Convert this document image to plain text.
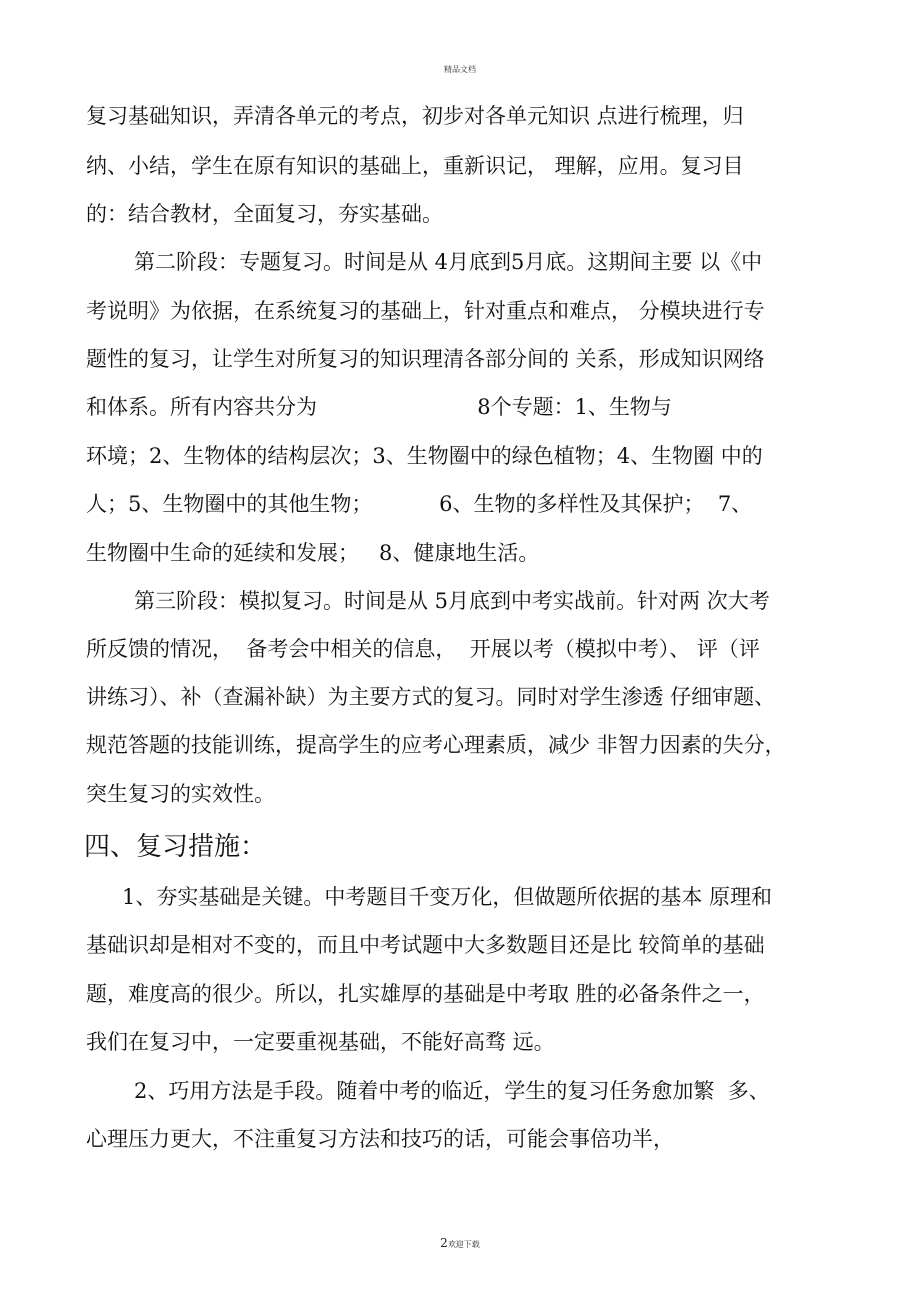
精品文档
复习基础知识，弄清各单元的考点，初步对各单元知识 点进行梳理，归
纳、小结，学生在原有知识的基础上，重新识记， 理解，应用。复习目
的：结合教材，全面复习，夯实基础。
第二阶段：专题复习。时间是从 4月底到5月底。这期间主要 以《中
考说明》为依据，在系统复习的基础上，针对重点和难点， 分模块进行专
题性的复习，让学生对所复习的知识理清各部分间的 关系，形成知识网络
和体系。所有内容共分为                        8个专题：1、生物与
环境；2、生物体的结构层次；3、生物圈中的绿色植物；4、生物圈 中的
人；5、生物圈中的其他生物；          6、生物的多样性及其保护；  7、
生物圈中生命的延续和发展；   8、健康地生活。
第三阶段：模拟复习。时间是从 5月底到中考实战前。针对两 次大考
所反馈的情况，  备考会中相关的信息，  开展以考（模拟中考）、 评（评
讲练习）、补（查漏补缺）为主要方式的复习。同时对学生渗透 仔细审题、
规范答题的技能训练，提高学生的应考心理素质，减少 非智力因素的失分，
突生复习的实效性。
四、复习措施：
1、夯实基础是关键。中考题目千变万化，但做题所依据的基本 原理和
基础识却是相对不变的，而且中考试题中大多数题目还是比 较简单的基础
题，难度高的很少。所以，扎实雄厚的基础是中考取 胜的必备条件之一，
我们在复习中，一定要重视基础，不能好高骛 远。
2、巧用方法是手段。随着中考的临近，学生的复习任务愈加繁  多、
心理压力更大，不注重复习方法和技巧的话，可能会事倍功半，
2欢迎下载
